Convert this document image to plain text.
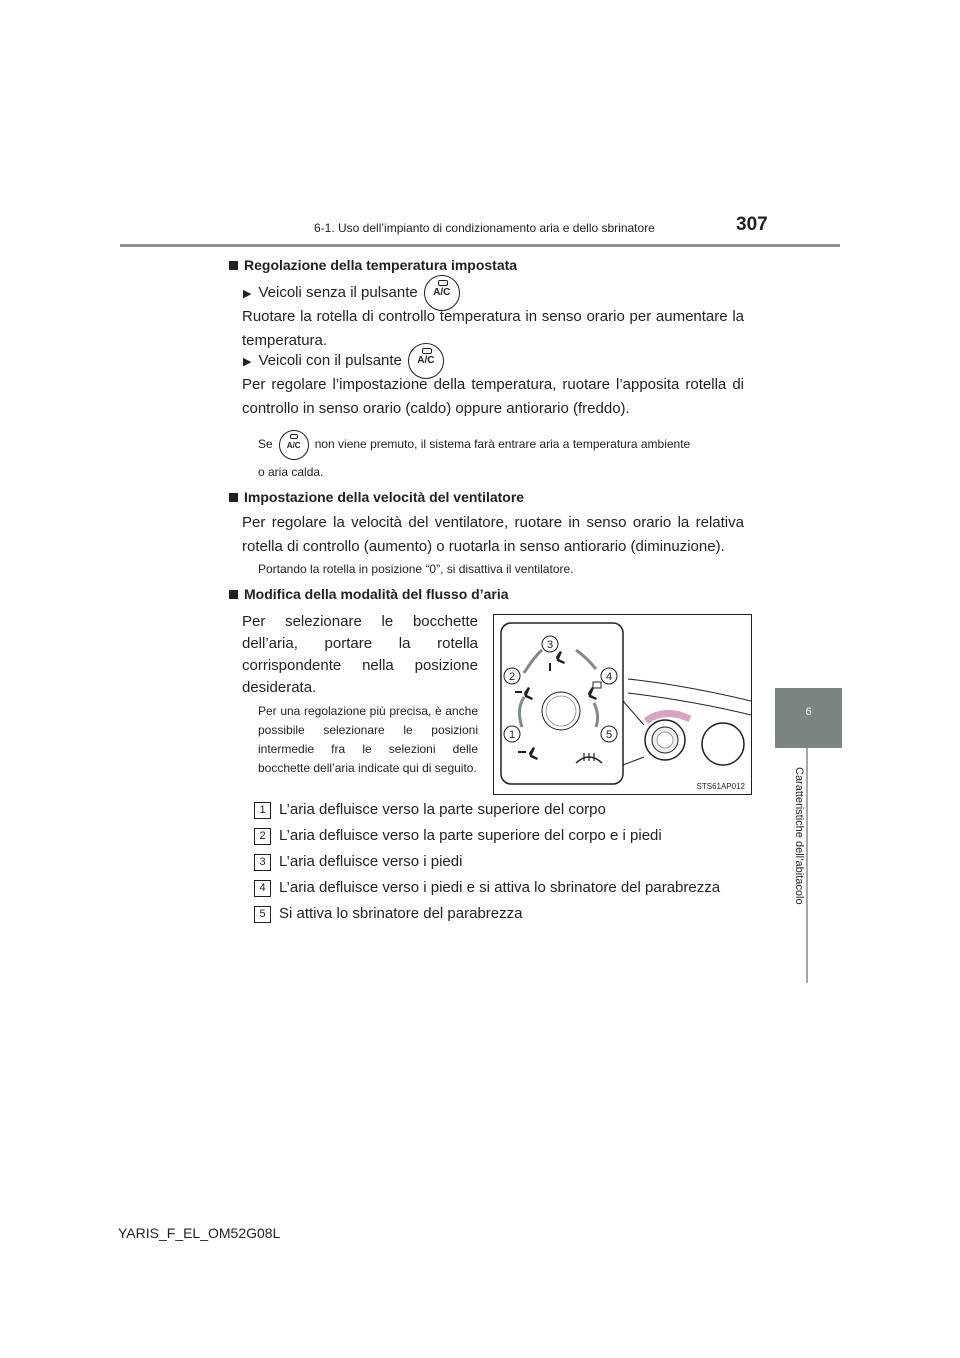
6-1. Uso dell’impianto di condizionamento aria e dello sbrinatore	307
6
Caratteristiche dell’abitacolo
Regolazione della temperatura impostata
▶ Veicoli senza il pulsante A/C
Ruotare la rotella di controllo temperatura in senso orario per aumentare la temperatura.
▶ Veicoli con il pulsante A/C
Per regolare l’impostazione della temperatura, ruotare l’apposita rotella di controllo in senso orario (caldo) oppure antiorario (freddo).
Se A/C non viene premuto, il sistema farà entrare aria a temperatura ambiente
o aria calda.
Impostazione della velocità del ventilatore
Per regolare la velocità del ventilatore, ruotare in senso orario la relativa rotella di controllo (aumento) o ruotarla in senso antiorario (diminuzione).
Portando la rotella in posizione “0”, si disattiva il ventilatore.
Modifica della modalità del flusso d’aria
Per selezionare le bocchette dell’aria, portare la rotella corrispondente nella posizione desiderata.
Per una regolazione più precisa, è anche possibile selezionare le posizioni intermedie fra le selezioni delle bocchette dell’aria indicate qui di seguito.
3
2	4
1	5
STS61AP012
1 L’aria defluisce verso la parte superiore del corpo
2 L’aria defluisce verso la parte superiore del corpo e i piedi
3 L’aria defluisce verso i piedi
4 L’aria defluisce verso i piedi e si attiva lo sbrinatore del parabrezza
5 Si attiva lo sbrinatore del parabrezza
YARIS_F_EL_OM52G08L
